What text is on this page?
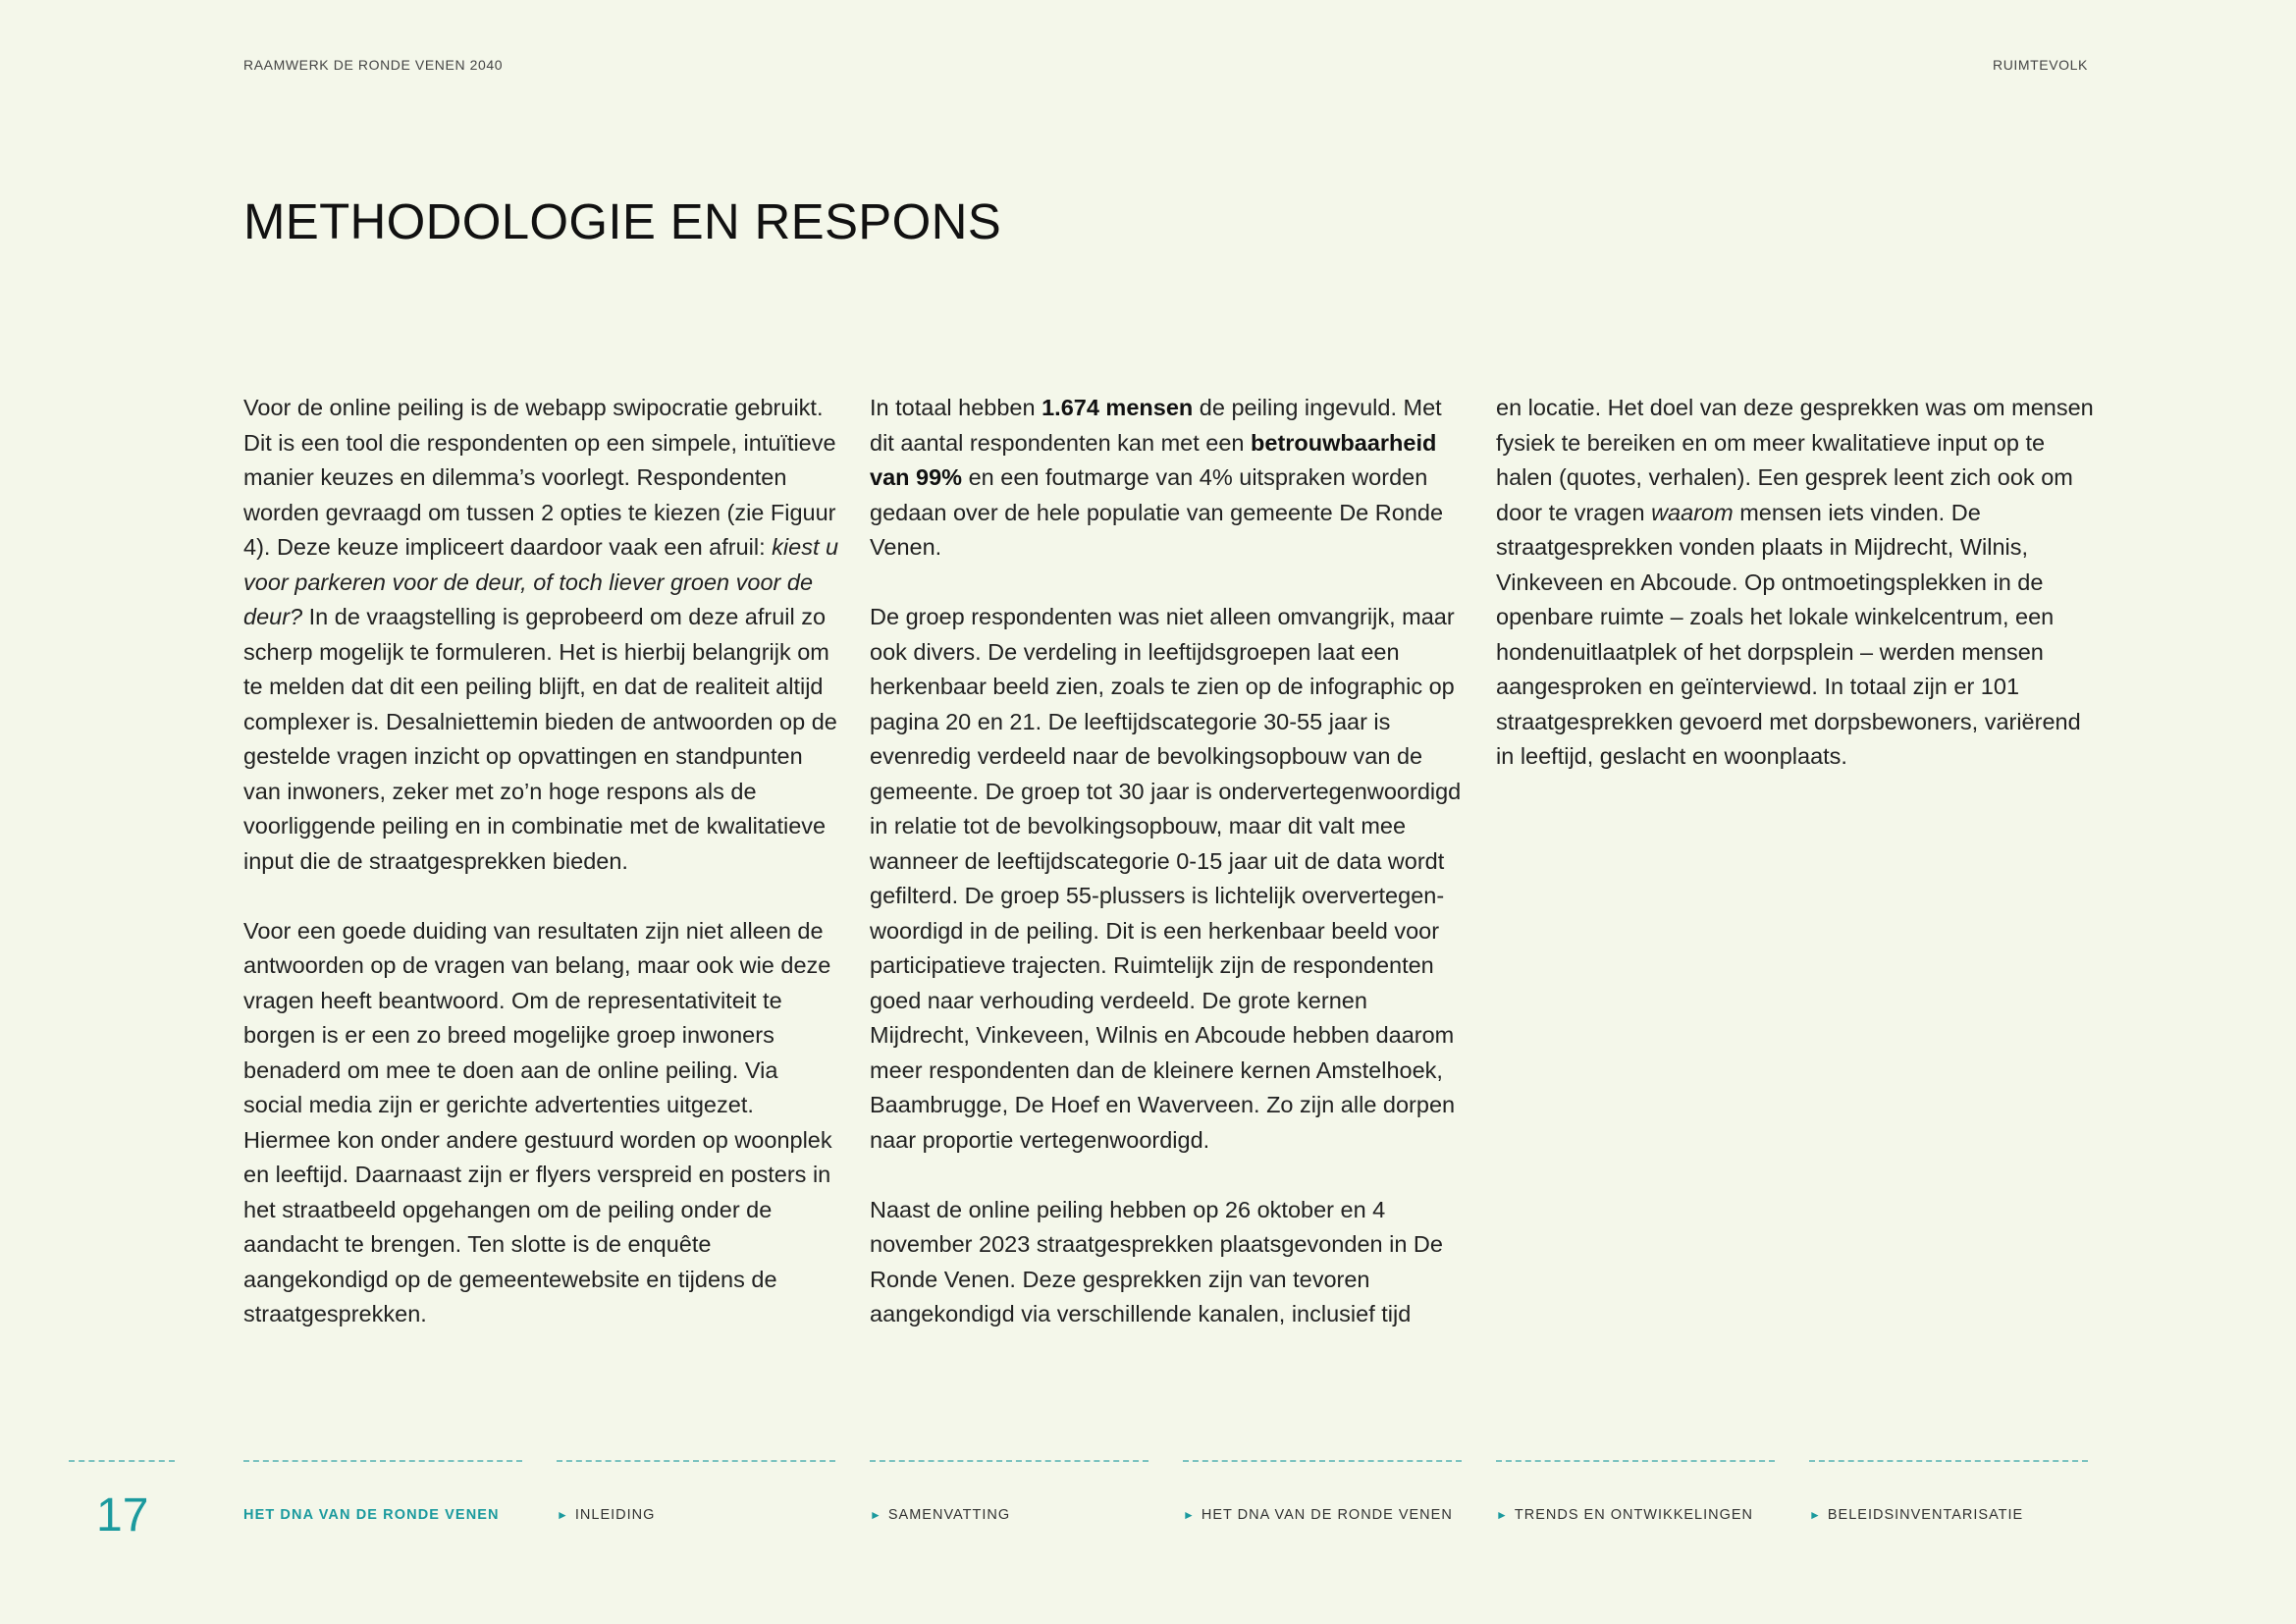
RAAMWERK DE RONDE VENEN 2040	RUIMTEVOLK
METHODOLOGIE EN RESPONS

Voor de online peiling is de webapp swipocratie gebruikt. Dit is een tool die respondenten op een simpele, intuïtieve manier keuzes en dilemma’s voorlegt. Respondenten worden gevraagd om tussen 2 opties te kiezen (zie Figuur 4). Deze keuze impliceert daardoor vaak een afruil: kiest u voor parkeren voor de deur, of toch liever groen voor de deur? In de vraagstelling is geprobeerd om deze afruil zo scherp mogelijk te formuleren. Het is hierbij belangrijk om te melden dat dit een peiling blijft, en dat de realiteit altijd complexer is. Desalniettemin bieden de antwoorden op de gestelde vragen inzicht op opvattingen en standpunten van inwoners, zeker met zo’n hoge respons als de voorliggende peiling en in combinatie met de kwalitatieve input die de straatgesprekken bieden.

Voor een goede duiding van resultaten zijn niet alleen de antwoorden op de vragen van belang, maar ook wie deze vragen heeft beantwoord. Om de representativiteit te borgen is er een zo breed mogelijke groep inwoners benaderd om mee te doen aan de online peiling. Via social media zijn er gerichte advertenties uitgezet. Hiermee kon onder andere gestuurd worden op woonplek en leeftijd. Daarnaast zijn er flyers verspreid en posters in het straatbeeld opgehangen om de peiling onder de aandacht te brengen. Ten slotte is de enquête aangekondigd op de gemeentewebsite en tijdens de straatgesprekken.

In totaal hebben 1.674 mensen de peiling ingevuld. Met dit aantal respondenten kan met een betrouwbaarheid van 99% en een foutmarge van 4% uitspraken worden gedaan over de hele populatie van gemeente De Ronde Venen.

De groep respondenten was niet alleen omvangrijk, maar ook divers. De verdeling in leeftijdsgroepen laat een herkenbaar beeld zien, zoals te zien op de infographic op pagina 20 en 21. De leeftijdscategorie 30-55 jaar is evenredig verdeeld naar de bevolkingsopbouw van de gemeente. De groep tot 30 jaar is ondervertegenwoordigd in relatie tot de bevolkingsopbouw, maar dit valt mee wanneer de leeftijdscategorie 0-15 jaar uit de data wordt gefilterd. De groep 55-plussers is lichtelijk oververtegen-woordigd in de peiling. Dit is een herkenbaar beeld voor participatieve trajecten. Ruimtelijk zijn de respondenten goed naar verhouding verdeeld. De grote kernen Mijdrecht, Vinkeveen, Wilnis en Abcoude hebben daarom meer respondenten dan de kleinere kernen Amstelhoek, Baambrugge, De Hoef en Waverveen. Zo zijn alle dorpen naar proportie vertegenwoordigd.

Naast de online peiling hebben op 26 oktober en 4 november 2023 straatgesprekken plaatsgevonden in De Ronde Venen. Deze gesprekken zijn van tevoren aangekondigd via verschillende kanalen, inclusief tijd

en locatie. Het doel van deze gesprekken was om mensen fysiek te bereiken en om meer kwalitatieve input op te halen (quotes, verhalen). Een gesprek leent zich ook om door te vragen waarom mensen iets vinden. De straatgesprekken vonden plaats in Mijdrecht, Wilnis, Vinkeveen en Abcoude. Op ontmoetingsplekken in de openbare ruimte – zoals het lokale winkelcentrum, een hondenuitlaatplek of het dorpsplein – werden mensen aangesproken en geïnterviewd. In totaal zijn er 101 straatgesprekken gevoerd met dorpsbewoners, variërend in leeftijd, geslacht en woonplaats.

17	HET DNA VAN DE RONDE VENEN	► INLEIDING	► SAMENVATTING	► HET DNA VAN DE RONDE VENEN	► TRENDS EN ONTWIKKELINGEN	► BELEIDSINVENTARISATIE
